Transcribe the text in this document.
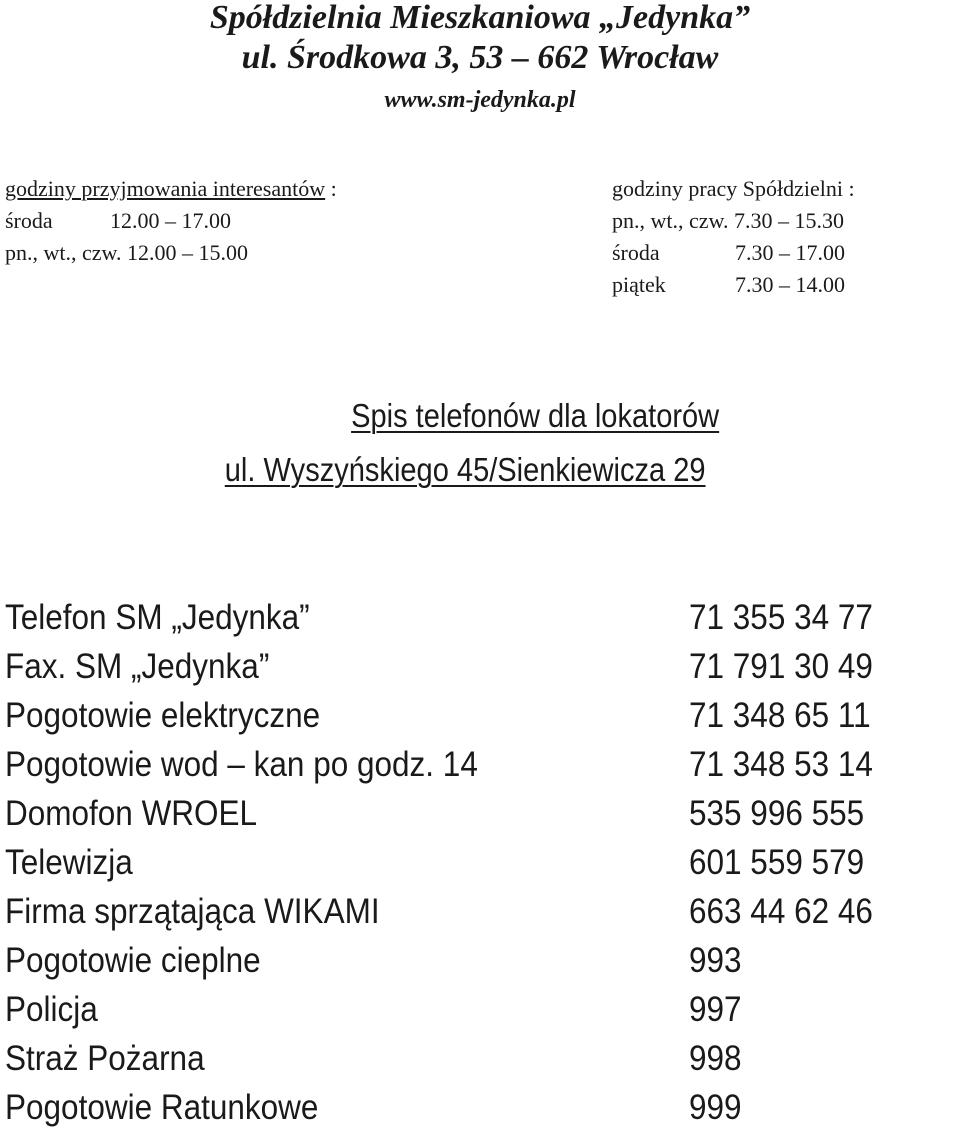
Spółdzielnia Mieszkaniowa „Jedynka”
ul. Środkowa 3, 53 – 662 Wrocław
www.sm-jedynka.pl
godziny przyjmowania interesantów :
środa	12.00 – 17.00
pn., wt., czw. 12.00 – 15.00
godziny pracy Spółdzielni :
pn., wt., czw. 7.30 – 15.30
środa	7.30 – 17.00
piątek	7.30 – 14.00
Spis telefonów dla lokatorów
ul. Wyszyńskiego 45/Sienkiewicza 29
Telefon SM „Jedynka”	71 355 34 77
Fax. SM „Jedynka”	71 791 30 49
Pogotowie elektryczne	71 348 65 11
Pogotowie wod – kan po godz. 14	71 348 53 14
Domofon WROEL	535 996 555
Telewizja	601 559 579
Firma sprzątająca WIKAMI	663 44 62 46
Pogotowie cieplne	993
Policja	997
Straż Pożarna	998
Pogotowie Ratunkowe	999
